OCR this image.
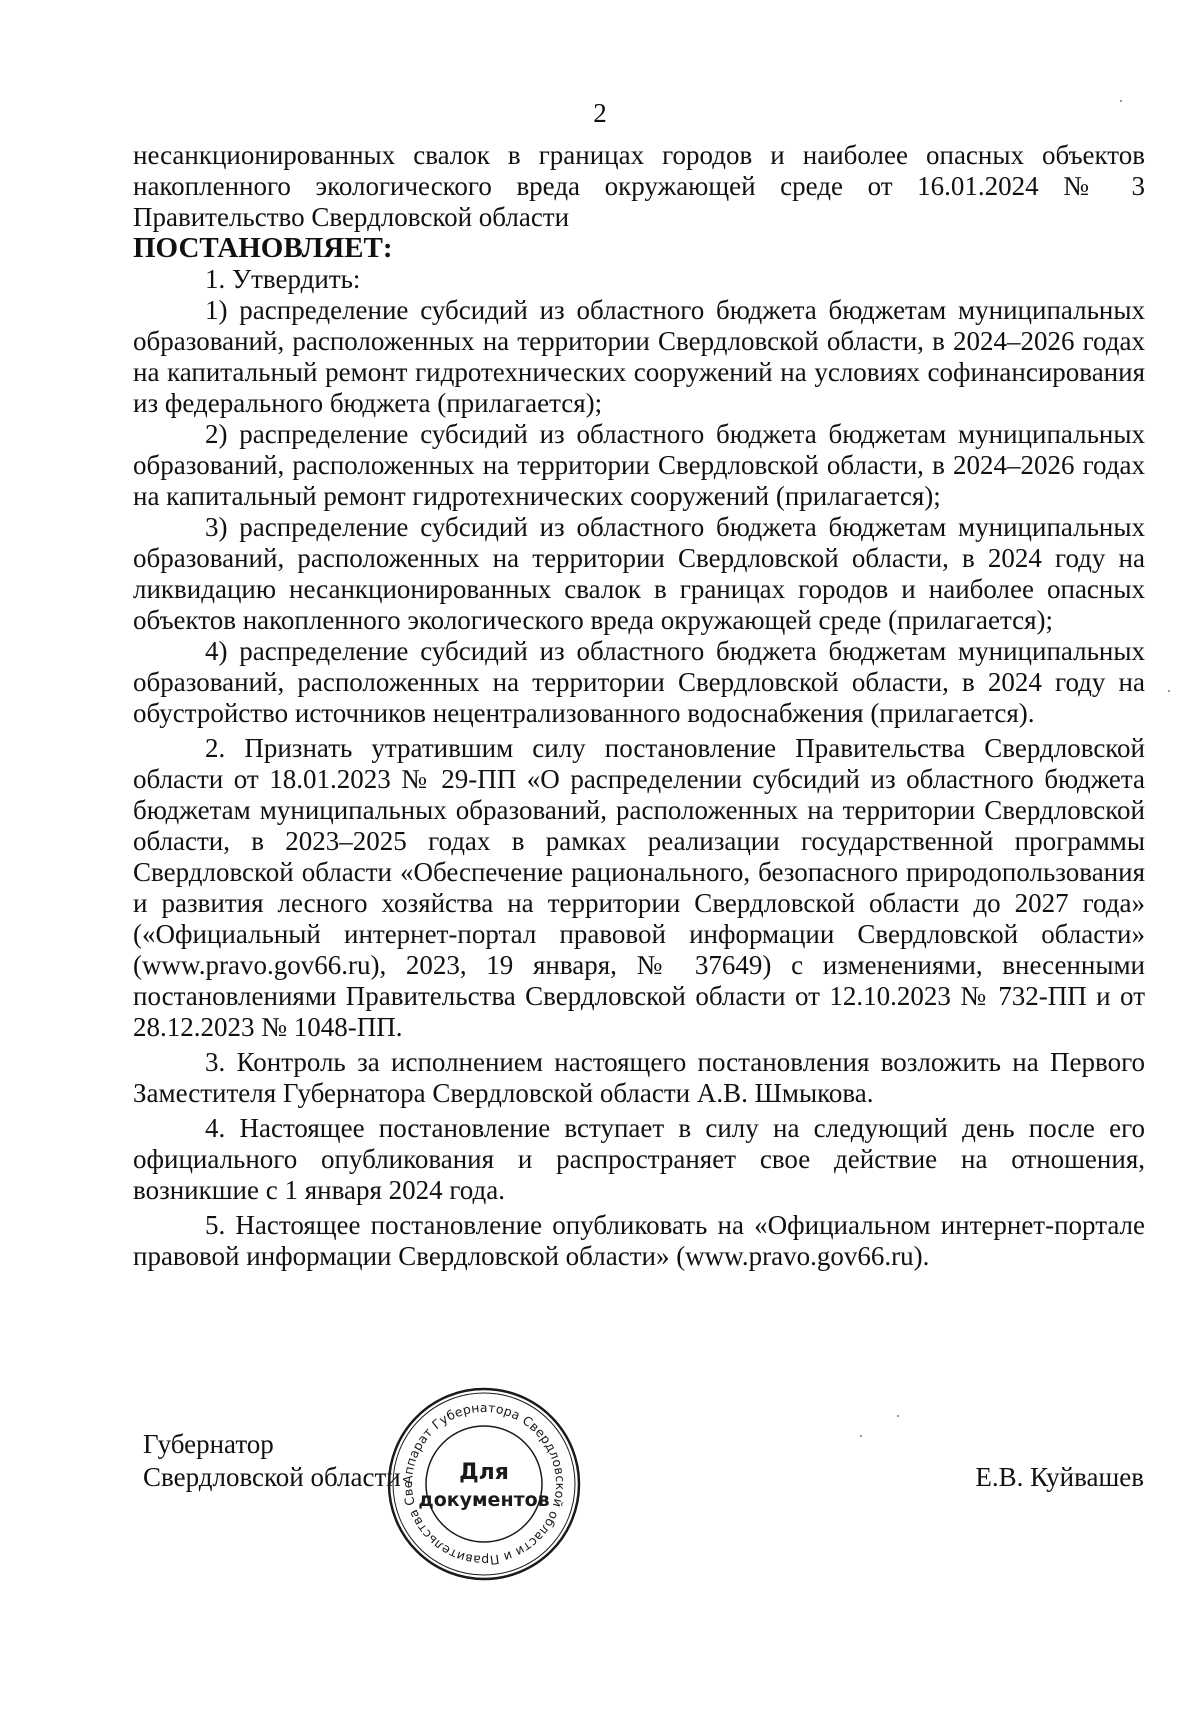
2

несанкционированных свалок в границах городов и наиболее опасных объектов накопленного экологического вреда окружающей среде от 16.01.2024 № 3 Правительство Свердловской области

ПОСТАНОВЛЯЕТ:

1. Утвердить:

1) распределение субсидий из областного бюджета бюджетам муниципальных образований, расположенных на территории Свердловской области, в 2024–2026 годах на капитальный ремонт гидротехнических сооружений на условиях софинансирования из федерального бюджета (прилагается);

2) распределение субсидий из областного бюджета бюджетам муниципальных образований, расположенных на территории Свердловской области, в 2024–2026 годах на капитальный ремонт гидротехнических сооружений (прилагается);

3) распределение субсидий из областного бюджета бюджетам муниципальных образований, расположенных на территории Свердловской области, в 2024 году на ликвидацию несанкционированных свалок в границах городов и наиболее опасных объектов накопленного экологического вреда окружающей среде (прилагается);

4) распределение субсидий из областного бюджета бюджетам муниципальных образований, расположенных на территории Свердловской области, в 2024 году на обустройство источников нецентрализованного водоснабжения (прилагается).

2. Признать утратившим силу постановление Правительства Свердловской области от 18.01.2023 № 29-ПП «О распределении субсидий из областного бюджета бюджетам муниципальных образований, расположенных на территории Свердловской области, в 2023–2025 годах в рамках реализации государственной программы Свердловской области «Обеспечение рационального, безопасного природопользования и развития лесного хозяйства на территории Свердловской области до 2027 года» («Официальный интернет-портал правовой информации Свердловской области» (www.pravo.gov66.ru), 2023, 19 января, № 37649) с изменениями, внесенными постановлениями Правительства Свердловской области от 12.10.2023 № 732-ПП и от 28.12.2023 № 1048-ПП.

3. Контроль за исполнением настоящего постановления возложить на Первого Заместителя Губернатора Свердловской области А.В. Шмыкова.

4. Настоящее постановление вступает в силу на следующий день после его официального опубликования и распространяет свое действие на отношения, возникшие с 1 января 2024 года.

5. Настоящее постановление опубликовать на «Официальном интернет-портале правовой информации Свердловской области» (www.pravo.gov66.ru).

Губернатор
Свердловской области	Е.В. Куйвашев
Аппарат Губернатора Свердловской области и Правительства Све	Для
документов
